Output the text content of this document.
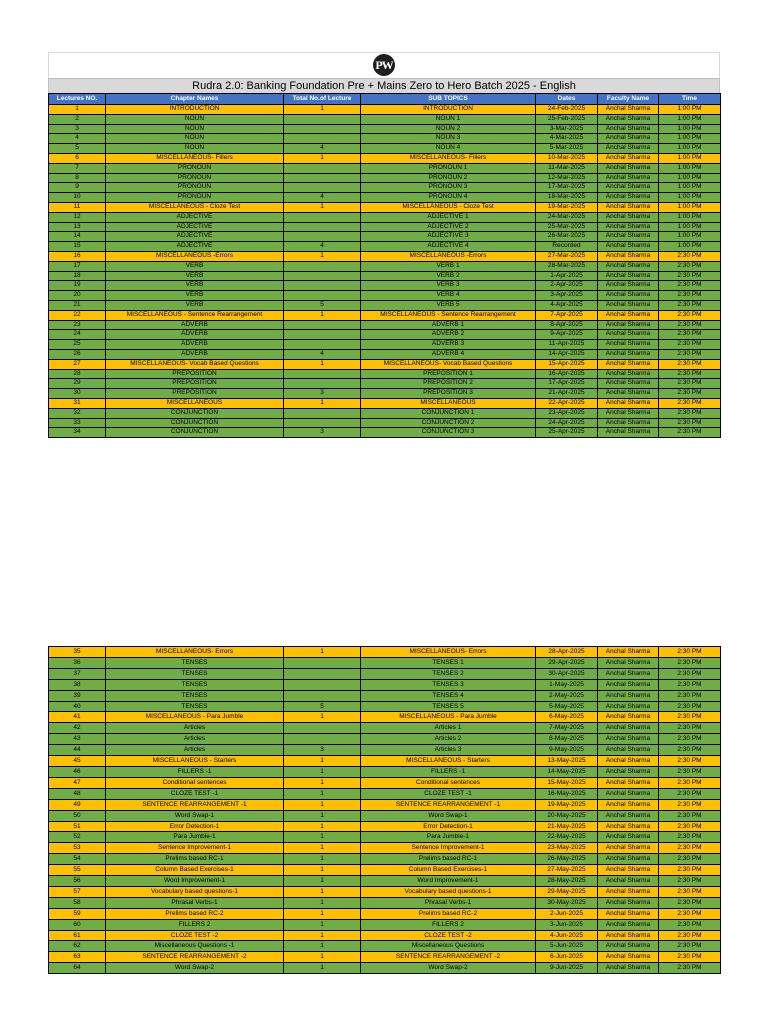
PW
Rudra 2.0: Banking Foundation Pre + Mains Zero to Hero Batch 2025 - English
Lectures NO.	Chapter Names	Total No.of Lecture	SUB TOPICS	Dates	Faculty Name	Time
1	INTRODUCTION	1	INTRODUCTION	24-Feb-2025	Anchal Sharma	1:00 PM
2	NOUN		NOUN 1	25-Feb-2025	Anchal Sharma	1:00 PM
3	NOUN		NOUN 2	3-Mar-2025	Anchal Sharma	1:00 PM
4	NOUN		NOUN 3	4-Mar-2025	Anchal Sharma	1:00 PM
5	NOUN	4	NOUN 4	5-Mar-2025	Anchal Sharma	1:00 PM
6	MISCELLANEOUS- Fillers	1	MISCELLANEOUS- Fillers	10-Mar-2025	Anchal Sharma	1:00 PM
7	PRONOUN		PRONOUN 1	11-Mar-2025	Anchal Sharma	1:00 PM
8	PRONOUN		PRONOUN 2	12-Mar-2025	Anchal Sharma	1:00 PM
9	PRONOUN		PRONOUN 3	17-Mar-2025	Anchal Sharma	1:00 PM
10	PRONOUN	4	PRONOUN 4	18-Mar-2025	Anchal Sharma	1:00 PM
11	MISCELLANEOUS - Cloze Test	1	MISCELLANEOUS - Cloze Test	19-Mar-2025	Anchal Sharma	1:00 PM
12	ADJECTIVE		ADJECTIVE 1	24-Mar-2025	Anchal Sharma	1:00 PM
13	ADJECTIVE		ADJECTIVE 2	25-Mar-2025	Anchal Sharma	1:00 PM
14	ADJECTIVE		ADJECTIVE 3	26-Mar-2025	Anchal Sharma	1:00 PM
15	ADJECTIVE	4	ADJECTIVE 4	Recorded	Anchal Sharma	1:00 PM
16	MISCELLANEOUS -Errors	1	MISCELLANEOUS -Errors	27-Mar-2025	Anchal Sharma	2:30 PM
17	VERB		VERB 1	28-Mar-2025	Anchal Sharma	2:30 PM
18	VERB		VERB 2	1-Apr-2025	Anchal Sharma	2:30 PM
19	VERB		VERB 3	2-Apr-2025	Anchal Sharma	2:30 PM
20	VERB		VERB 4	3-Apr-2025	Anchal Sharma	2:30 PM
21	VERB	5	VERB 5	4-Apr-2025	Anchal Sharma	2:30 PM
22	MISCELLANEOUS - Sentence Rearrangement	1	MISCELLANEOUS - Sentence Rearrangement	7-Apr-2025	Anchal Sharma	2:30 PM
23	ADVERB		ADVERB 1	8-Apr-2025	Anchal Sharma	2:30 PM
24	ADVERB		ADVERB 2	9-Apr-2025	Anchal Sharma	2:30 PM
25	ADVERB		ADVERB 3	11-Apr-2025	Anchal Sharma	2:30 PM
26	ADVERB	4	ADVERB 4	14-Apr-2025	Anchal Sharma	2:30 PM
27	MISCELLANEOUS- Vocab Based Questions	1	MISCELLANEOUS- Vocab Based Questions	15-Apr-2025	Anchal Sharma	2:30 PM
28	PREPOSITION		PREPOSITION 1	16-Apr-2025	Anchal Sharma	2:30 PM
29	PREPOSITION		PREPOSITION 2	17-Apr-2025	Anchal Sharma	2:30 PM
30	PREPOSITION	3	PREPOSITION 3	21-Apr-2025	Anchal Sharma	2:30 PM
31	MISCELLANEOUS	1	MISCELLANEOUS	22-Apr-2025	Anchal Sharma	2:30 PM
32	CONJUNCTION		CONJUNCTION 1	23-Apr-2025	Anchal Sharma	2:30 PM
33	CONJUNCTION		CONJUNCTION 2	24-Apr-2025	Anchal Sharma	2:30 PM
34	CONJUNCTION	3	CONJUNCTION 3	25-Apr-2025	Anchal Sharma	2:30 PM
35	MISCELLANEOUS- Errors	1	MISCELLANEOUS- Errors	28-Apr-2025	Anchal Sharma	2:30 PM
36	TENSES		TENSES 1	29-Apr-2025	Anchal Sharma	2:30 PM
37	TENSES		TENSES 2	30-Apr-2025	Anchal Sharma	2:30 PM
38	TENSES		TENSES 3	1-May-2025	Anchal Sharma	2:30 PM
39	TENSES		TENSES 4	2-May-2025	Anchal Sharma	2:30 PM
40	TENSES	5	TENSES 5	5-May-2025	Anchal Sharma	2:30 PM
41	MISCELLANEOUS - Para Jumble	1	MISCELLANEOUS - Para Jumble	6-May-2025	Anchal Sharma	2:30 PM
42	Articles		Articles 1	7-May-2025	Anchal Sharma	2:30 PM
43	Articles		Articles 2	8-May-2025	Anchal Sharma	2:30 PM
44	Articles	3	Articles 3	9-May-2025	Anchal Sharma	2:30 PM
45	MISCELLANEOUS - Starters	1	MISCELLANEOUS - Starters	13-May-2025	Anchal Sharma	2:30 PM
46	FILLERS -1	1	FILLERS -1	14-May-2025	Anchal Sharma	2:30 PM
47	Conditional sentences	1	Conditional sentences	15-May-2025	Anchal Sharma	2:30 PM
48	CLOZE TEST -1	1	CLOZE TEST -1	16-May-2025	Anchal Sharma	2:30 PM
49	SENTENCE REARRANGEMENT -1	1	SENTENCE REARRANGEMENT -1	19-May-2025	Anchal Sharma	2:30 PM
50	Word Swap-1	1	Word Swap-1	20-May-2025	Anchal Sharma	2:30 PM
51	Error Detection-1	1	Error Detection-1	21-May-2025	Anchal Sharma	2:30 PM
52	Para Jumble-1	1	Para Jumble-1	22-May-2025	Anchal Sharma	2:30 PM
53	Sentence Improvement-1	1	Sentence Improvement-1	23-May-2025	Anchal Sharma	2:30 PM
54	Prelims based RC-1	1	Prelims based RC-1	26-May-2025	Anchal Sharma	2:30 PM
55	Column Based Exercises-1	1	Column Based Exercises-1	27-May-2025	Anchal Sharma	2:30 PM
56	Word Improvement-1	1	Word Improvement-1	28-May-2025	Anchal Sharma	2:30 PM
57	Vocabulary based questions-1	1	Vocabulary based questions-1	29-May-2025	Anchal Sharma	2:30 PM
58	Phrasal Verbs-1	1	Phrasal Verbs-1	30-May-2025	Anchal Sharma	2:30 PM
59	Prelims based RC-2	1	Prelims based RC-2	2-Jun-2025	Anchal Sharma	2:30 PM
60	FILLERS 2	1	FILLERS 2	3-Jun-2025	Anchal Sharma	2:30 PM
61	CLOZE TEST -2	1	CLOZE TEST -2	4-Jun-2025	Anchal Sharma	2:30 PM
62	Miscellaneous Questions -1	1	Miscellaneous Questions	5-Jun-2025	Anchal Sharma	2:30 PM
63	SENTENCE REARRANGEMENT -2	1	SENTENCE REARRANGEMENT -2	6-Jun-2025	Anchal Sharma	2:30 PM
64	Word Swap-2	1	Word Swap-2	9-Jun-2025	Anchal Sharma	2:30 PM
